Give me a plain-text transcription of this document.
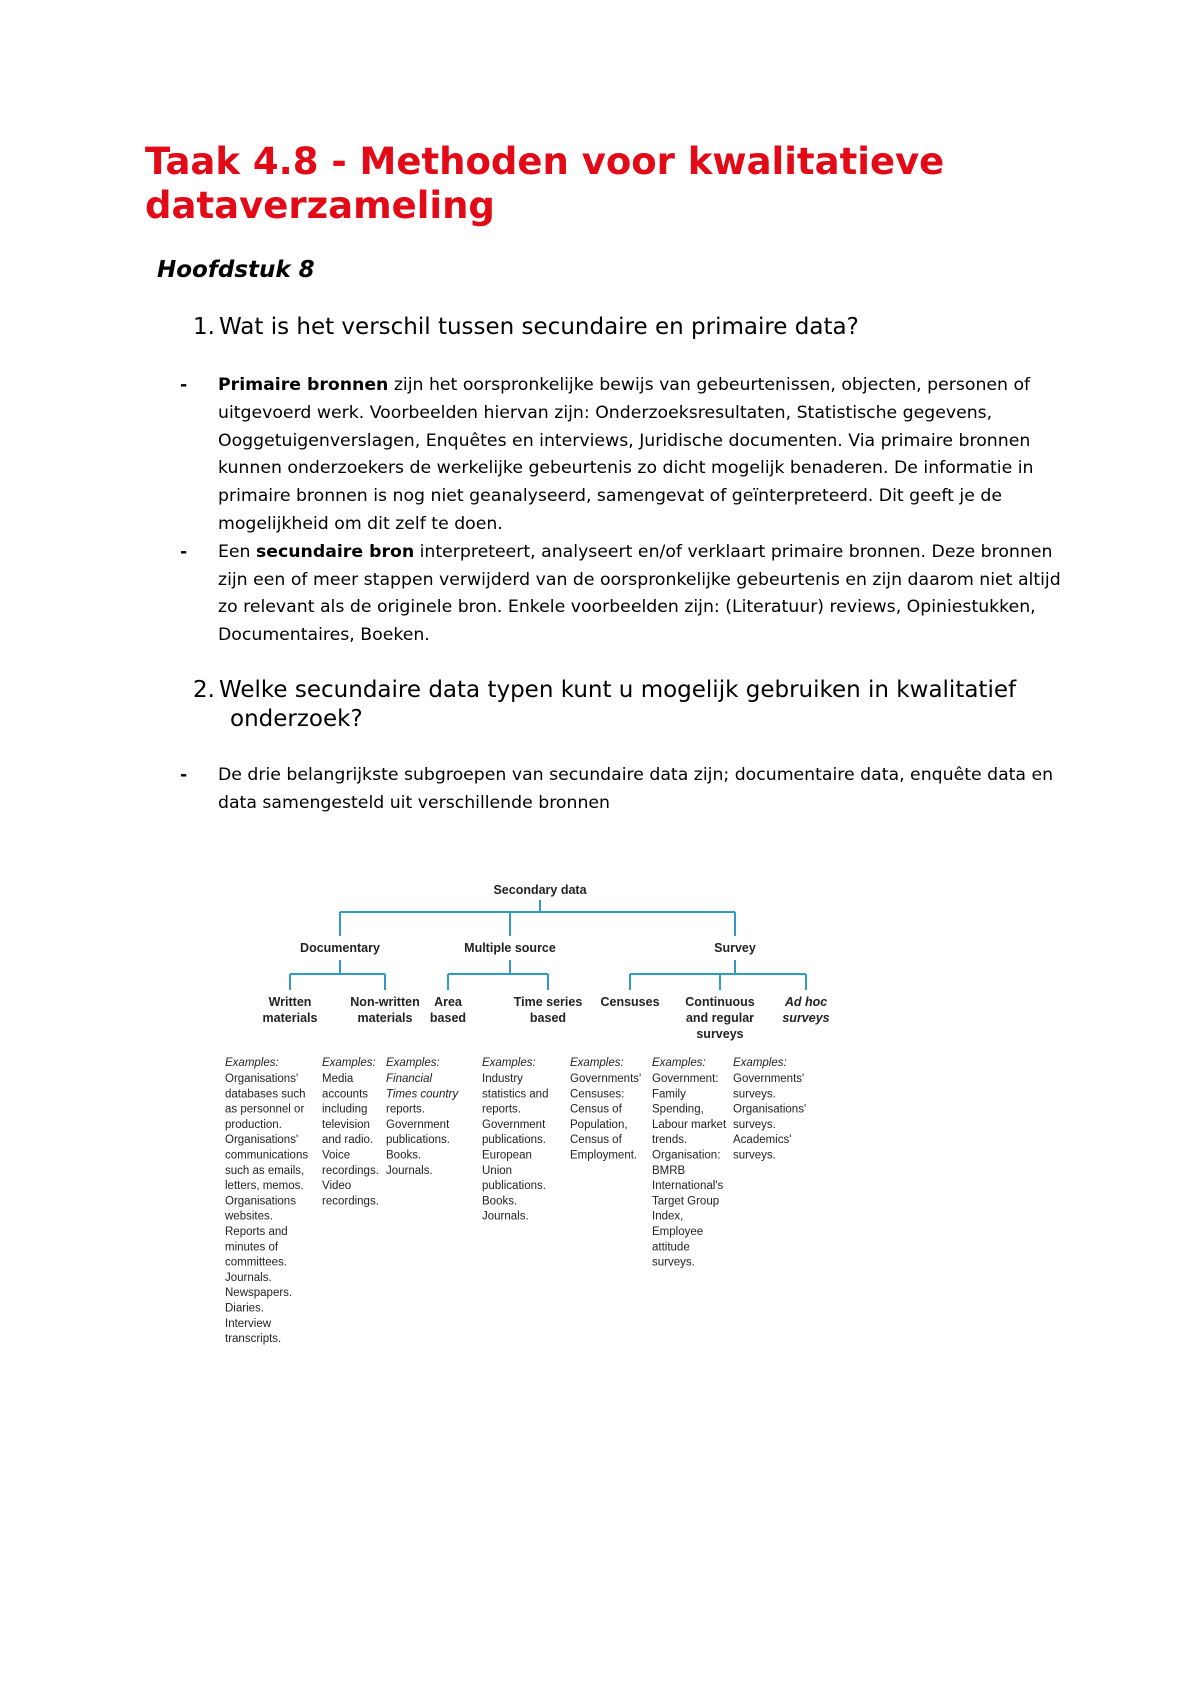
Taak 4.8 - Methoden voor kwalitatieve dataverzameling
Hoofdstuk 8
1. Wat is het verschil tussen secundaire en primaire data?
- Primaire bronnen zijn het oorspronkelijke bewijs van gebeurtenissen, objecten, personen of uitgevoerd werk. Voorbeelden hiervan zijn: Onderzoeksresultaten, Statistische gegevens, Ooggetuigenverslagen, Enquêtes en interviews, Juridische documenten. Via primaire bronnen kunnen onderzoekers de werkelijke gebeurtenis zo dicht mogelijk benaderen. De informatie in primaire bronnen is nog niet geanalyseerd, samengevat of geïnterpreteerd. Dit geeft je de mogelijkheid om dit zelf te doen.
- Een secundaire bron interpreteert, analyseert en/of verklaart primaire bronnen. Deze bronnen zijn een of meer stappen verwijderd van de oorspronkelijke gebeurtenis en zijn daarom niet altijd zo relevant als de originele bron. Enkele voorbeelden zijn: (Literatuur) reviews, Opiniestukken, Documentaires, Boeken.
2. Welke secundaire data typen kunt u mogelijk gebruiken in kwalitatief
onderzoek?
- De drie belangrijkste subgroepen van secundaire data zijn; documentaire data, enquête data en data samengesteld uit verschillende bronnen
Secondary data
Documentary	Multiple source	Survey
Written
materials
Non-written
materials
Area
based
Time series
based
Censuses Continuous
and regular
surveys
Ad hoc
surveys
Examples:
Organisations'
databases such
as personnel or
production.
Organisations'
communications
such as emails,
letters, memos.
Organisations
websites.
Reports and
minutes of
committees.
Journals.
Newspapers.
Diaries.
Interview
transcripts.
Examples:
Media
accounts
including
television
and radio.
Voice
recordings.
Video
recordings.
Examples:
Financial
Times country
reports.
Government
publications.
Books.
Journals.
Examples:
Industry
statistics and
reports.
Government
publications.
European
Union
publications.
Books.
Journals.
Examples:
Governments'
Censuses:
Census of
Population,
Census of
Employment.
Examples:
Government:
Family
Spending,
Labour market
trends.
Organisation:
BMRB
International's
Target Group
Index,
Employee
attitude
surveys.
Examples:
Governments'
surveys.
Organisations'
surveys.
Academics'
surveys.
